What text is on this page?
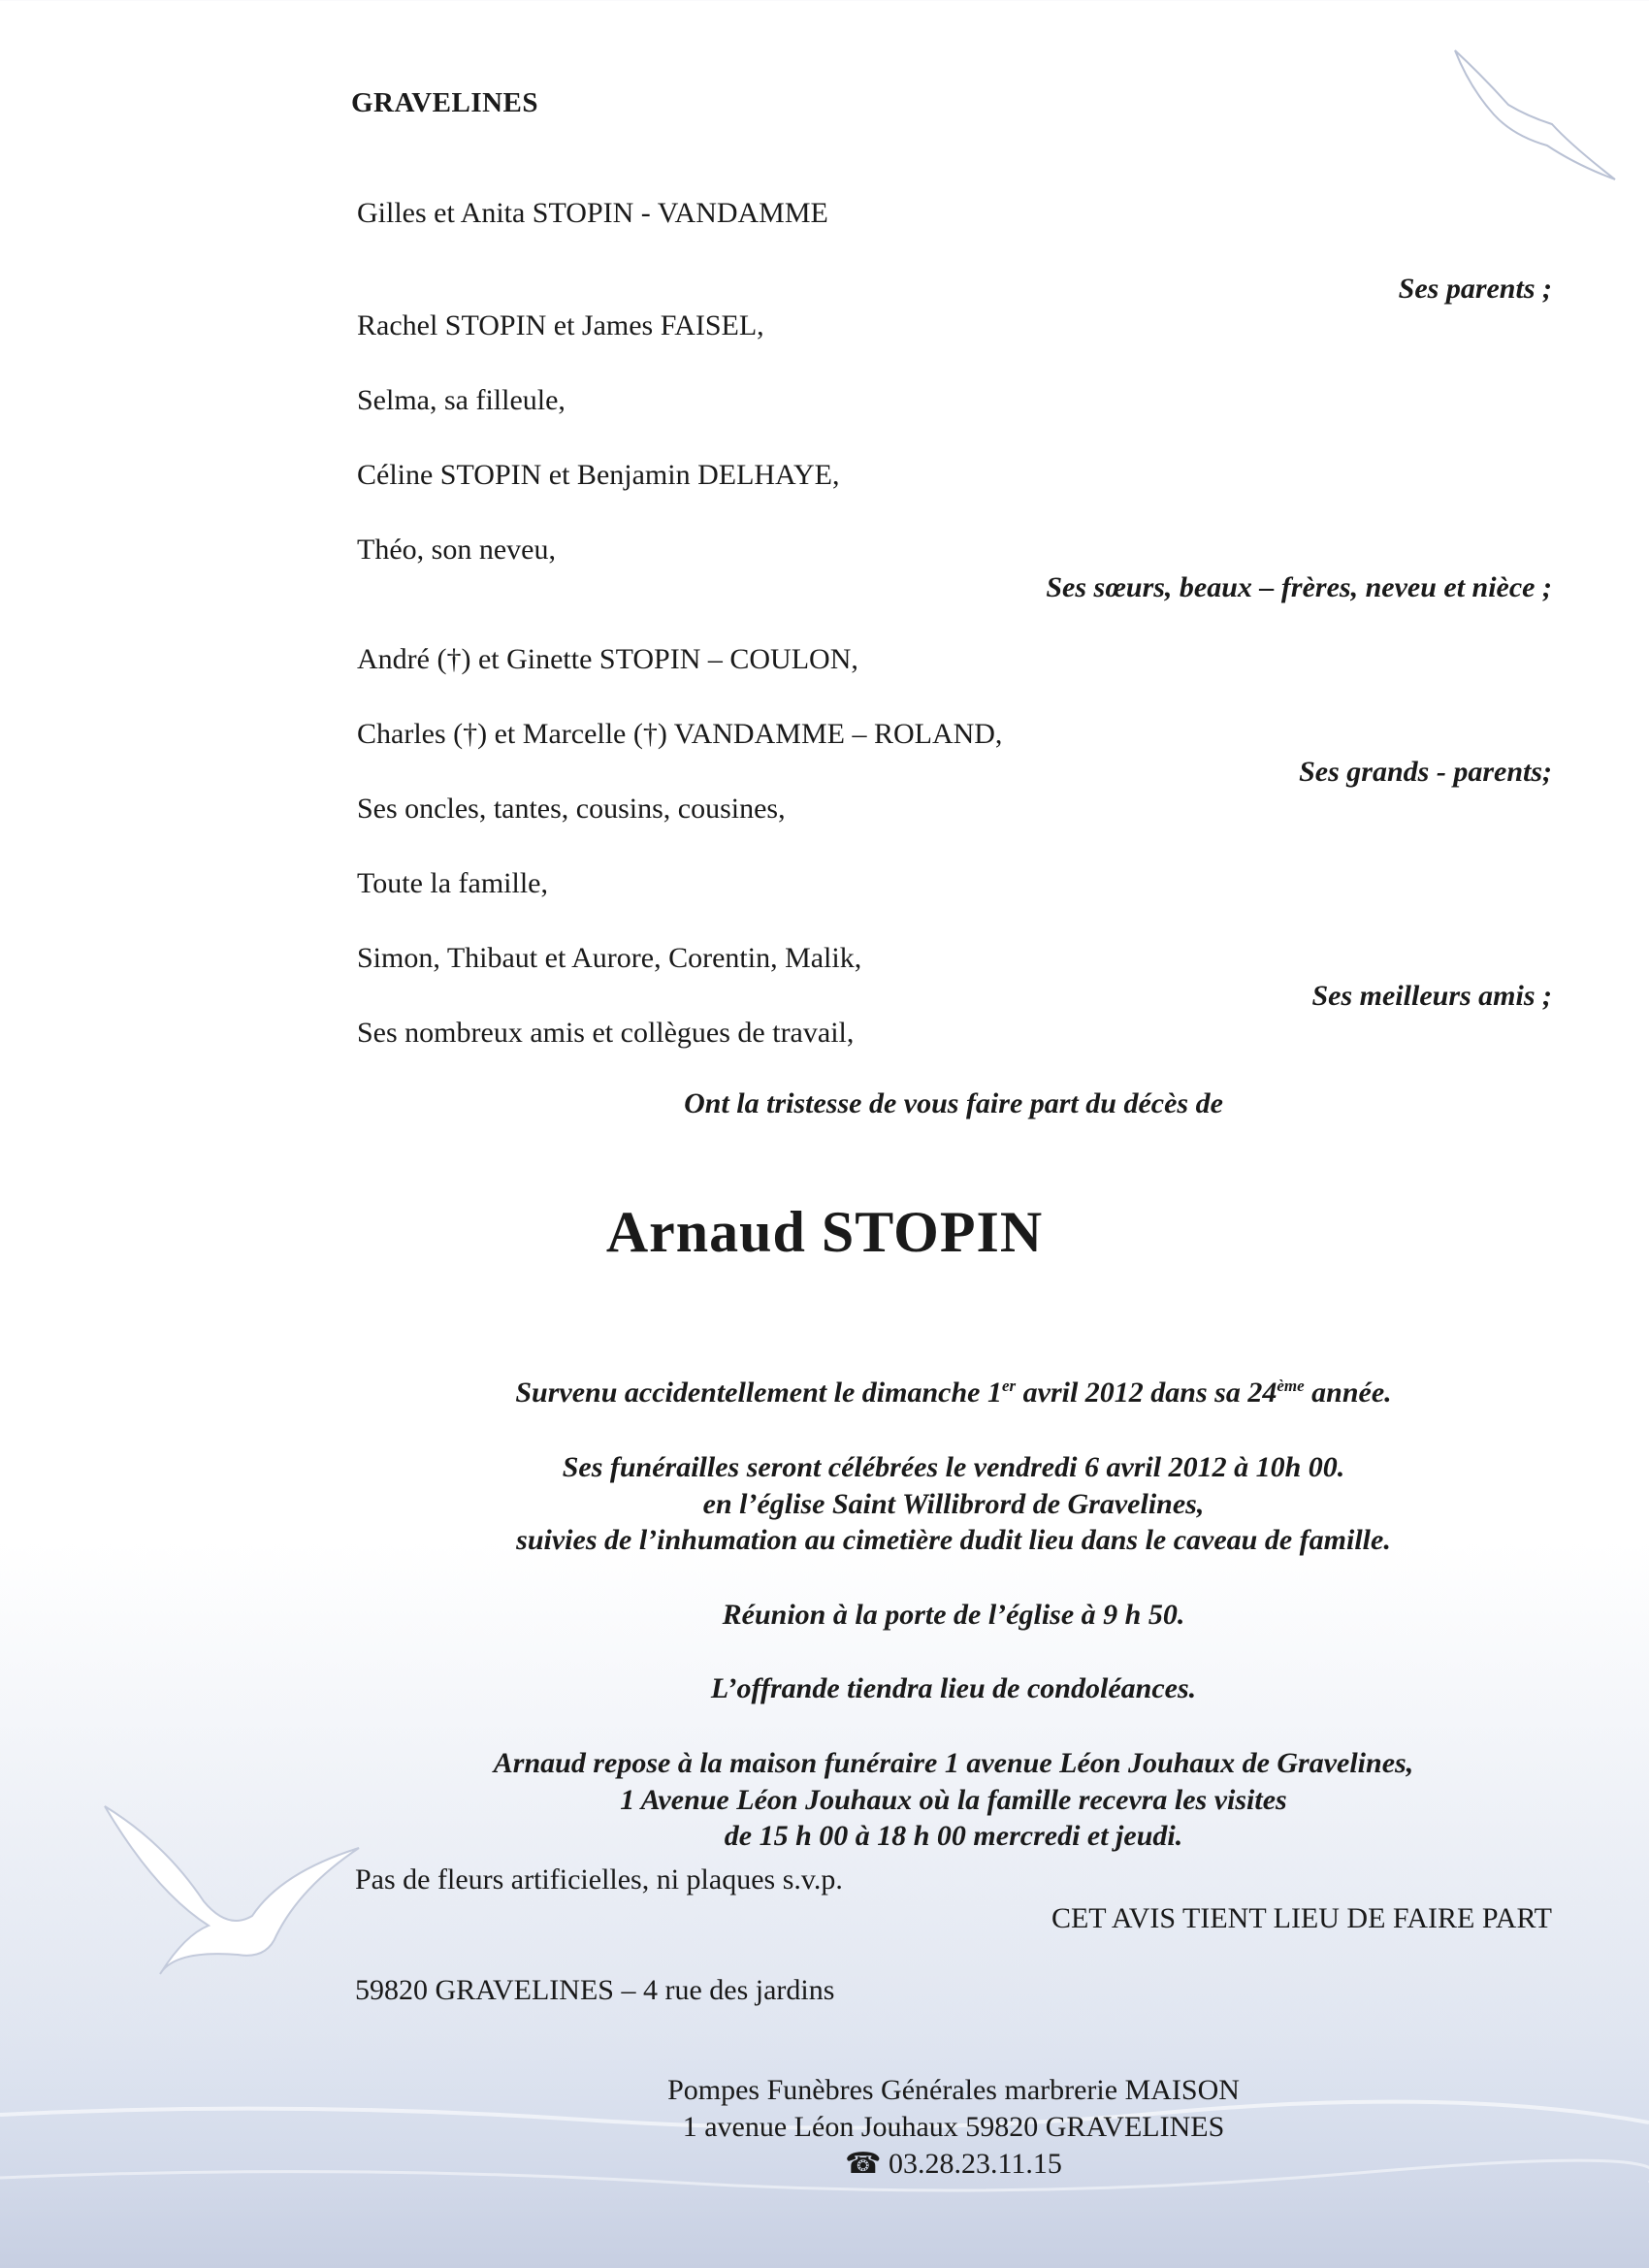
GRAVELINES

Gilles et Anita STOPIN - VANDAMME

Ses parents ;

Rachel STOPIN et James FAISEL,

Selma, sa filleule,

Céline STOPIN et Benjamin DELHAYE,

Théo, son neveu,

Ses sœurs, beaux – frères, neveu et nièce ;

André (†) et Ginette STOPIN – COULON,

Charles (†) et Marcelle (†) VANDAMME – ROLAND,

Ses grands - parents;

Ses oncles, tantes, cousins, cousines,

Toute la famille,

Simon, Thibaut et Aurore, Corentin, Malik,

Ses meilleurs amis ;

Ses nombreux amis et collègues de travail,

Ont la tristesse de vous faire part du décès de

Arnaud STOPIN

Survenu accidentellement le dimanche 1er avril 2012 dans sa 24ème année.

Ses funérailles seront célébrées le vendredi 6 avril 2012 à 10h 00.

en l’église Saint Willibrord de Gravelines,

suivies de l’inhumation au cimetière dudit lieu dans le caveau de famille.

Réunion à la porte de l’église à 9 h 50.

L’offrande tiendra lieu de condoléances.

Arnaud repose à la maison funéraire 1 avenue Léon Jouhaux de Gravelines,

1 Avenue Léon Jouhaux où la famille recevra les visites

de 15 h 00 à 18 h 00 mercredi et jeudi.

Pas de fleurs artificielles, ni plaques s.v.p.

CET AVIS TIENT LIEU DE FAIRE PART

59820 GRAVELINES – 4 rue des jardins

Pompes Funèbres Générales marbrerie MAISON

1 avenue Léon Jouhaux 59820 GRAVELINES

☎ 03.28.23.11.15
